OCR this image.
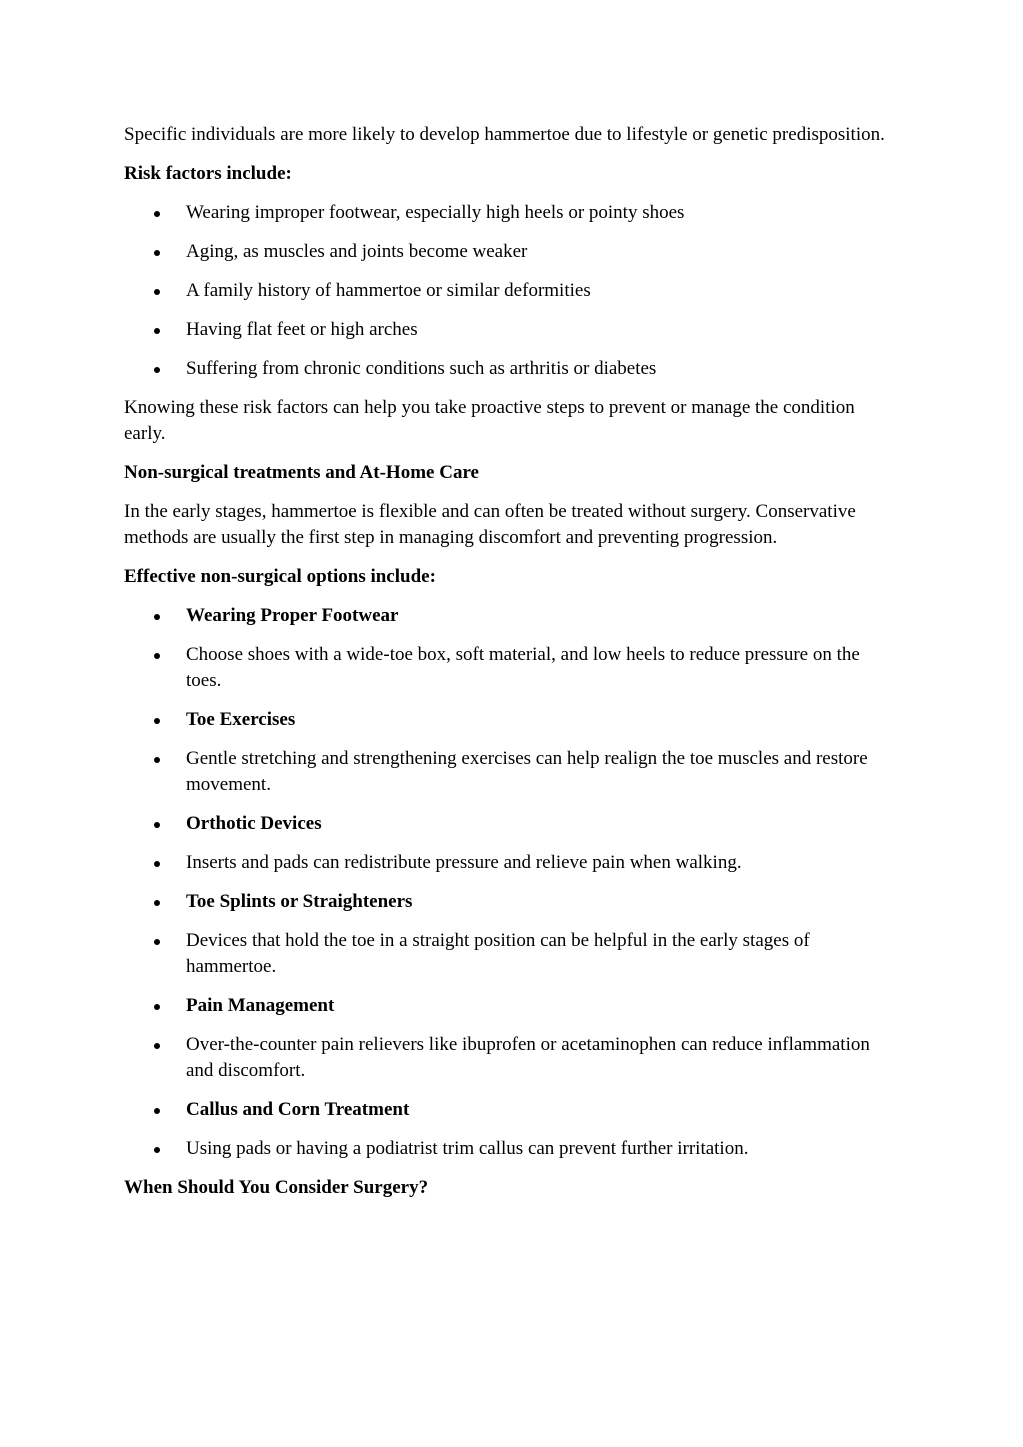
Specific individuals are more likely to develop hammertoe due to lifestyle or genetic predisposition.

Risk factors include:

Wearing improper footwear, especially high heels or pointy shoes
Aging, as muscles and joints become weaker
A family history of hammertoe or similar deformities
Having flat feet or high arches
Suffering from chronic conditions such as arthritis or diabetes

Knowing these risk factors can help you take proactive steps to prevent or manage the condition early.

Non-surgical treatments and At-Home Care

In the early stages, hammertoe is flexible and can often be treated without surgery. Conservative methods are usually the first step in managing discomfort and preventing progression.

Effective non-surgical options include:

Wearing Proper Footwear
Choose shoes with a wide-toe box, soft material, and low heels to reduce pressure on the toes.
Toe Exercises
Gentle stretching and strengthening exercises can help realign the toe muscles and restore movement.
Orthotic Devices
Inserts and pads can redistribute pressure and relieve pain when walking.
Toe Splints or Straighteners
Devices that hold the toe in a straight position can be helpful in the early stages of hammertoe.
Pain Management
Over-the-counter pain relievers like ibuprofen or acetaminophen can reduce inflammation and discomfort.
Callus and Corn Treatment
Using pads or having a podiatrist trim callus can prevent further irritation.

When Should You Consider Surgery?
